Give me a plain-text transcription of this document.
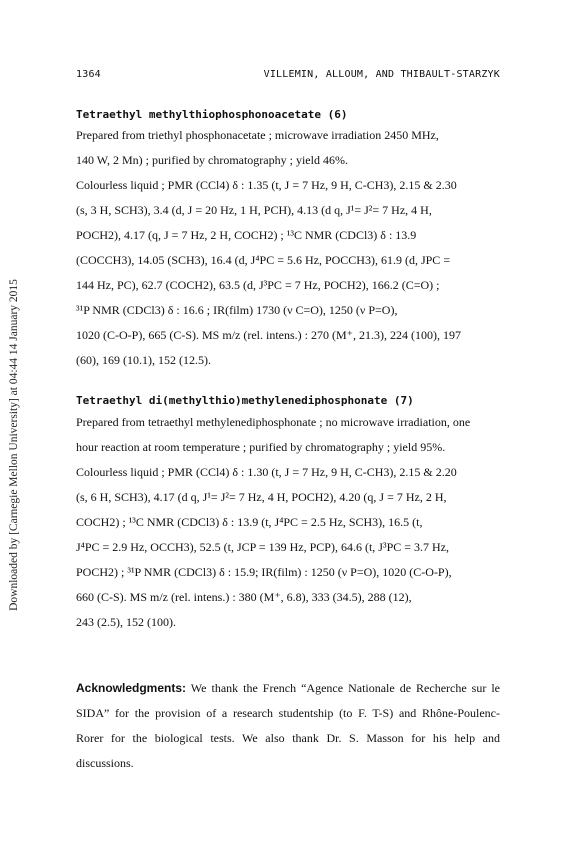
Downloaded by [Carnegie Mellon University] at 04:44 14 January 2015
1364	VILLEMIN, ALLOUM, AND THIBAULT-STARZYK
Tetraethyl methylthiophosphonoacetate (6)
Prepared from triethyl phosphonacetate ; microwave irradiation 2450 MHz,
140 W, 2 Mn) ; purified by chromatography ; yield 46%.
Colourless liquid ; PMR (CCl4) δ : 1.35 (t, J = 7 Hz, 9 H, C-CH3), 2.15 & 2.30
(s, 3 H, SCH3), 3.4 (d, J = 20 Hz, 1 H, PCH), 4.13 (d q, J¹= J²= 7 Hz, 4 H,
POCH2), 4.17 (q, J = 7 Hz, 2 H, COCH2) ; ¹³C NMR (CDCl3) δ : 13.9
(COCCH3), 14.05 (SCH3), 16.4 (d, J⁴PC = 5.6 Hz, POCCH3), 61.9 (d, JPC =
144 Hz, PC), 62.7 (COCH2), 63.5 (d, J³PC = 7 Hz, POCH2), 166.2 (C=O) ;
³¹P NMR (CDCl3) δ : 16.6 ; IR(film) 1730 (ν C=O), 1250 (ν P=O),
1020 (C-O-P), 665 (C-S). MS m/z (rel. intens.) : 270 (M⁺, 21.3), 224 (100), 197
(60), 169 (10.1), 152 (12.5).
Tetraethyl di(methylthio)methylenediphosphonate (7)
Prepared from tetraethyl methylenediphosphonate ; no microwave irradiation, one
hour reaction at room temperature ; purified by chromatography ; yield 95%.
Colourless liquid ; PMR (CCl4) δ : 1.30 (t, J = 7 Hz, 9 H, C-CH3), 2.15 & 2.20
(s, 6 H, SCH3), 4.17 (d q, J¹= J²= 7 Hz, 4 H, POCH2), 4.20 (q, J = 7 Hz, 2 H,
COCH2) ; ¹³C NMR (CDCl3) δ : 13.9 (t, J⁴PC = 2.5 Hz, SCH3), 16.5 (t,
J⁴PC = 2.9 Hz, OCCH3), 52.5 (t, JCP = 139 Hz, PCP), 64.6 (t, J³PC = 3.7 Hz,
POCH2) ; ³¹P NMR (CDCl3) δ : 15.9; IR(film) : 1250 (ν P=O), 1020 (C-O-P),
660 (C-S). MS m/z (rel. intens.) : 380 (M⁺, 6.8), 333 (34.5), 288 (12),
243 (2.5), 152 (100).
Acknowledgments: We thank the French “Agence Nationale de Recherche sur le
SIDA” for the provision of a research studentship (to F. T-S) and Rhône-Poulenc-
Rorer for the biological tests. We also thank Dr. S. Masson for his help and
discussions.
